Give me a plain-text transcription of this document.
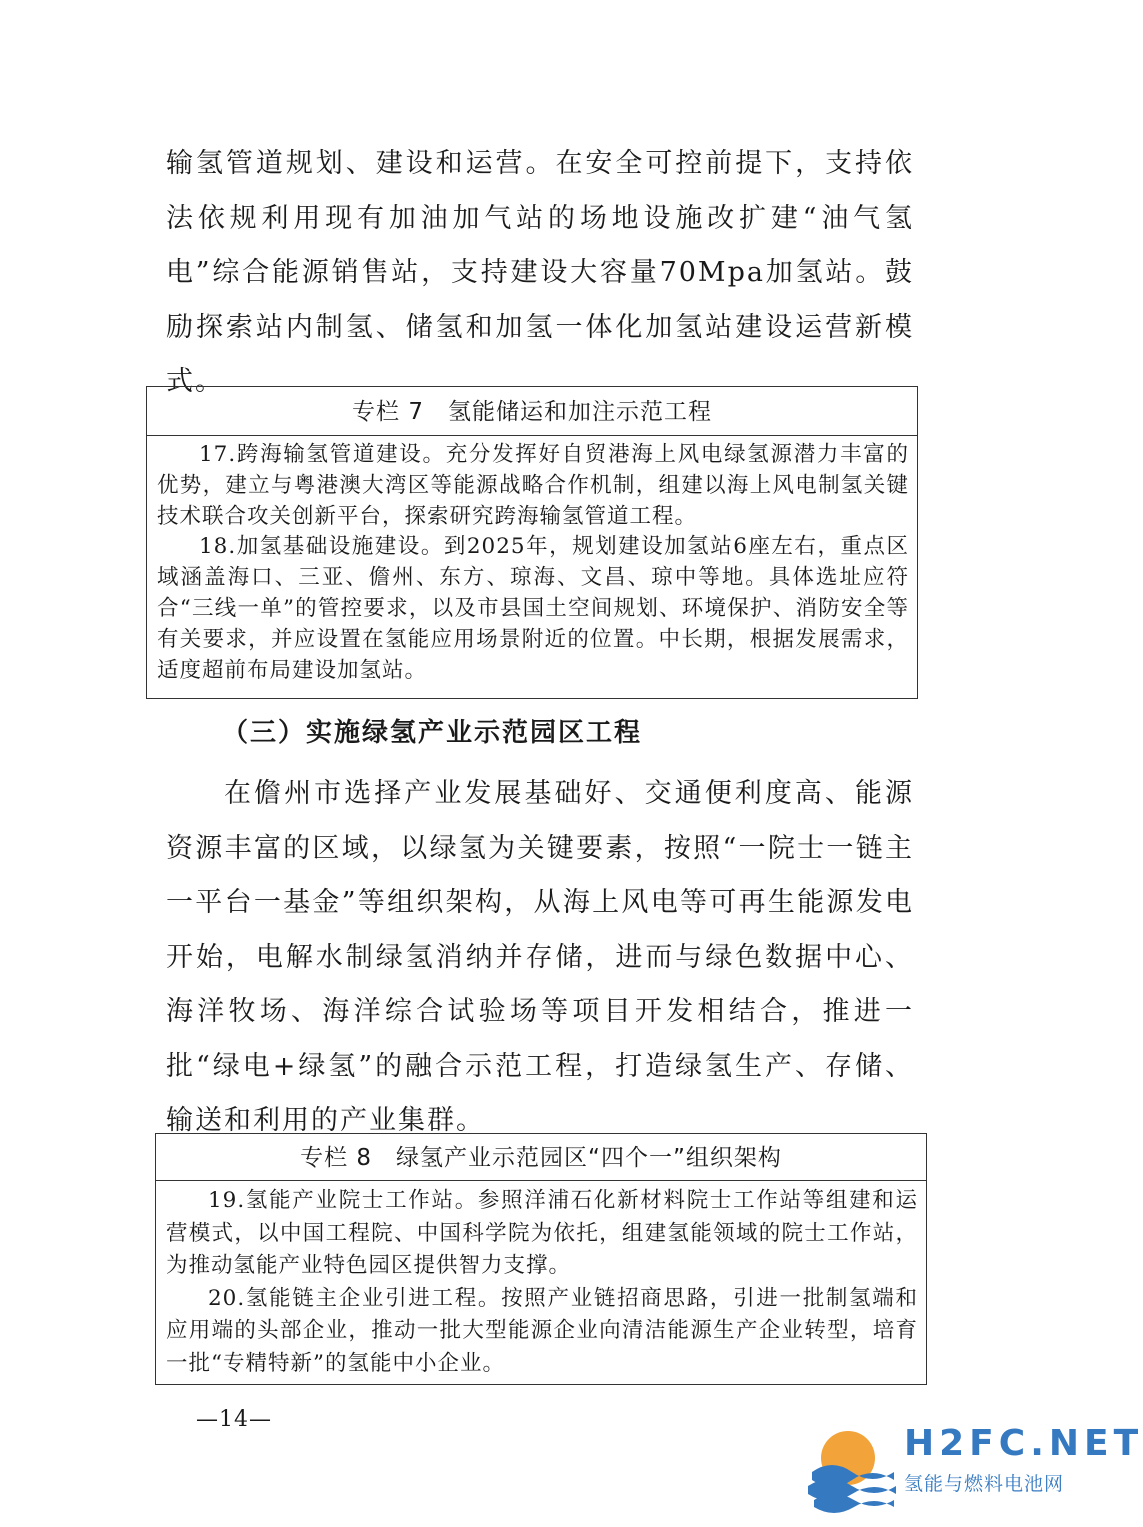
输氢管道规划、建设和运营。在安全可控前提下，支持依法依规利用现有加油加气站的场地设施改扩建“油气氢电”综合能源销售站，支持建设大容量70Mpa加氢站。鼓励探索站内制氢、储氢和加氢一体化加氢站建设运营新模式。

专栏 7　氢能储运和加注示范工程

17.跨海输氢管道建设。充分发挥好自贸港海上风电绿氢源潜力丰富的优势，建立与粤港澳大湾区等能源战略合作机制，组建以海上风电制氢关键技术联合攻关创新平台，探索研究跨海输氢管道工程。

18.加氢基础设施建设。到2025年，规划建设加氢站6座左右，重点区域涵盖海口、三亚、儋州、东方、琼海、文昌、琼中等地。具体选址应符合“三线一单”的管控要求，以及市县国土空间规划、环境保护、消防安全等有关要求，并应设置在氢能应用场景附近的位置。中长期，根据发展需求，适度超前布局建设加氢站。

（三）实施绿氢产业示范园区工程

在儋州市选择产业发展基础好、交通便利度高、能源资源丰富的区域，以绿氢为关键要素，按照“一院士一链主一平台一基金”等组织架构，从海上风电等可再生能源发电开始，电解水制绿氢消纳并存储，进而与绿色数据中心、海洋牧场、海洋综合试验场等项目开发相结合，推进一批“绿电+绿氢”的融合示范工程，打造绿氢生产、存储、输送和利用的产业集群。

专栏 8　绿氢产业示范园区“四个一”组织架构

19.氢能产业院士工作站。参照洋浦石化新材料院士工作站等组建和运营模式，以中国工程院、中国科学院为依托，组建氢能领域的院士工作站，为推动氢能产业特色园区提供智力支撑。

20.氢能链主企业引进工程。按照产业链招商思路，引进一批制氢端和应用端的头部企业，推动一批大型能源企业向清洁能源生产企业转型，培育一批“专精特新”的氢能中小企业。

—14—
H2FC.NET
氢能与燃料电池网
